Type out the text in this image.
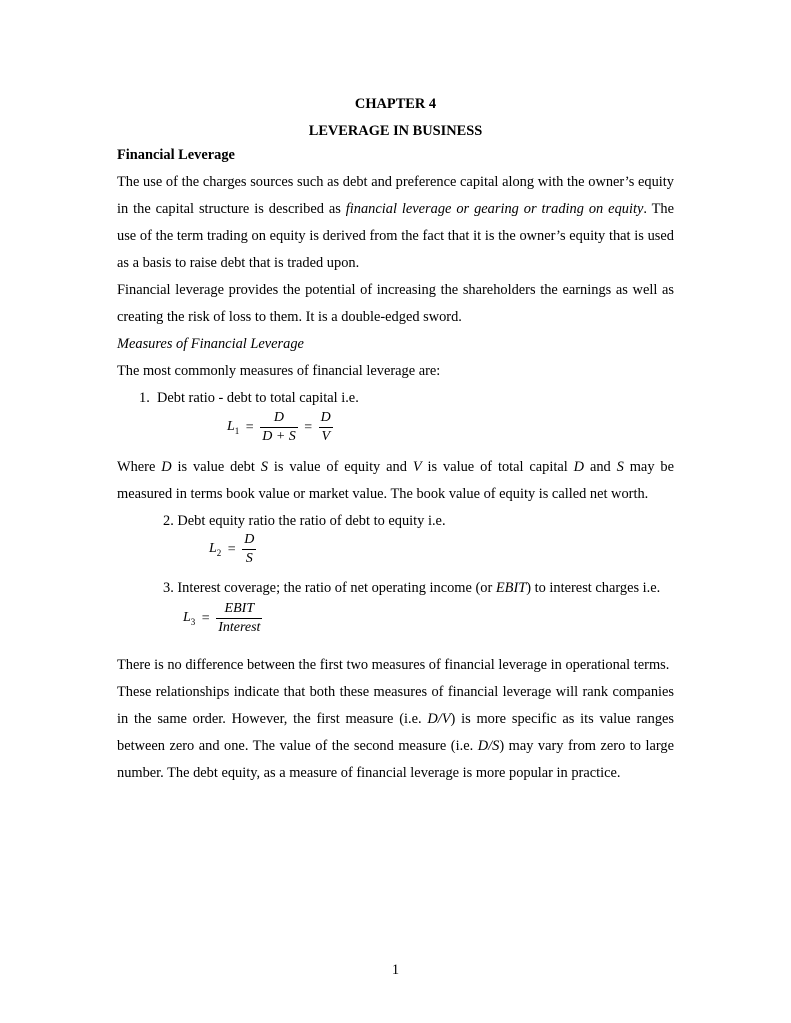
CHAPTER 4

LEVERAGE IN BUSINESS

Financial Leverage

The use of the charges sources such as debt and preference capital along with the owner’s equity in the capital structure is described as financial leverage or gearing or trading on equity. The use of the term trading on equity is derived from the fact that it is the owner’s equity that is used as a basis to raise debt that is traded upon.

Financial leverage provides the potential of increasing the shareholders the earnings as well as creating the risk of loss to them. It is a double-edged sword.

Measures of Financial Leverage

The most commonly measures of financial leverage are:

1.  Debt ratio - debt to total capital i.e.

$L_1 = \frac{D}{D + S} = \frac{D}{V}$

Where D is value debt S is value of equity and V is value of total capital D and S may be measured in terms book value or market value. The book value of equity is called net worth.

2. Debt equity ratio the ratio of debt to equity i.e.

$L_2 = \frac{D}{S}$

3. Interest coverage; the ratio of net operating income (or EBIT) to interest charges i.e.

$L_3 = \frac{\text{EBIT}}{\text{Interest}}$

There is no difference between the first two measures of financial leverage in operational terms.

These relationships indicate that both these measures of financial leverage will rank companies in the same order. However, the first measure (i.e. D/V) is more specific as its value ranges between zero and one. The value of the second measure (i.e. D/S) may vary from zero to large number. The debt equity, as a measure of financial leverage is more popular in practice.

1
